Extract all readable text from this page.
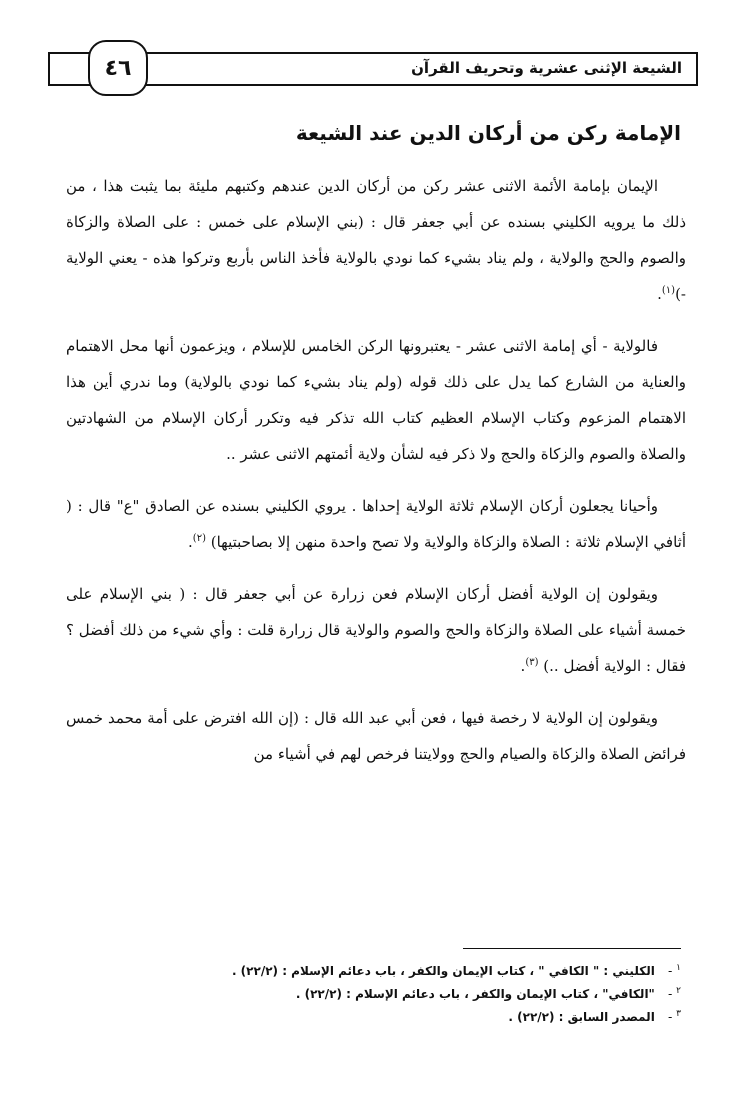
الشيعة الإثنى عشرية وتحريف القرآن
٤٦
الإمامة ركن من أركان الدين عند الشيعة

الإيمان بإمامة الأئمة الاثنى عشر ركن من أركان الدين عندهم وكتبهم مليئة بما يثبت هذا ، من ذلك ما يرويه الكليني بسنده عن أبي جعفر قال : (بني الإسلام على خمس : على الصلاة والزكاة والصوم والحج والولاية ، ولم يناد بشيء كما نودي بالولاية فأخذ الناس بأربع وتركوا هذه - يعني الولاية -)$^{(١)}$.

فالولاية - أي إمامة الاثنى عشر - يعتبرونها الركن الخامس للإسلام ، ويزعمون أنها محل الاهتمام والعناية من الشارع كما يدل على ذلك قوله (ولم يناد بشيء كما نودي بالولاية) وما ندري أين هذا الاهتمام المزعوم وكتاب الإسلام العظيم كتاب الله تذكر فيه وتكرر أركان الإسلام من الشهادتين والصلاة والصوم والزكاة والحج ولا ذكر فيه لشأن ولاية أئمتهم الاثنى عشر ..

وأحيانا يجعلون أركان الإسلام ثلاثة الولاية إحداها . يروي الكليني بسنده عن الصادق "ع" قال : ( أثافي الإسلام ثلاثة : الصلاة والزكاة والولاية ولا تصح واحدة منهن إلا بصاحبتيها) $^{(٢)}$.

ويقولون إن الولاية أفضل أركان الإسلام فعن زرارة عن أبي جعفر قال : ( بني الإسلام على خمسة أشياء على الصلاة والزكاة والحج والصوم والولاية قال زرارة قلت : وأي شيء من ذلك أفضل ؟ فقال : الولاية أفضل ..) $^{(٣)}$.

ويقولون إن الولاية لا رخصة فيها ، فعن أبي عبد الله قال : (إن الله افترض على أمة محمد خمس فرائض الصلاة والزكاة والصيام والحج وولايتنا فرخص لهم في أشياء من

$^١$ - الكليني : " الكافي " ، كتاب الإيمان والكفر ، باب دعائم الإسلام : (٢٢/٢) .
$^٢$ - "الكافي" ، كتاب الإيمان والكفر ، باب دعائم الإسلام : (٢٢/٢) .
$^٣$ - المصدر السابق : (٢٢/٢) .
